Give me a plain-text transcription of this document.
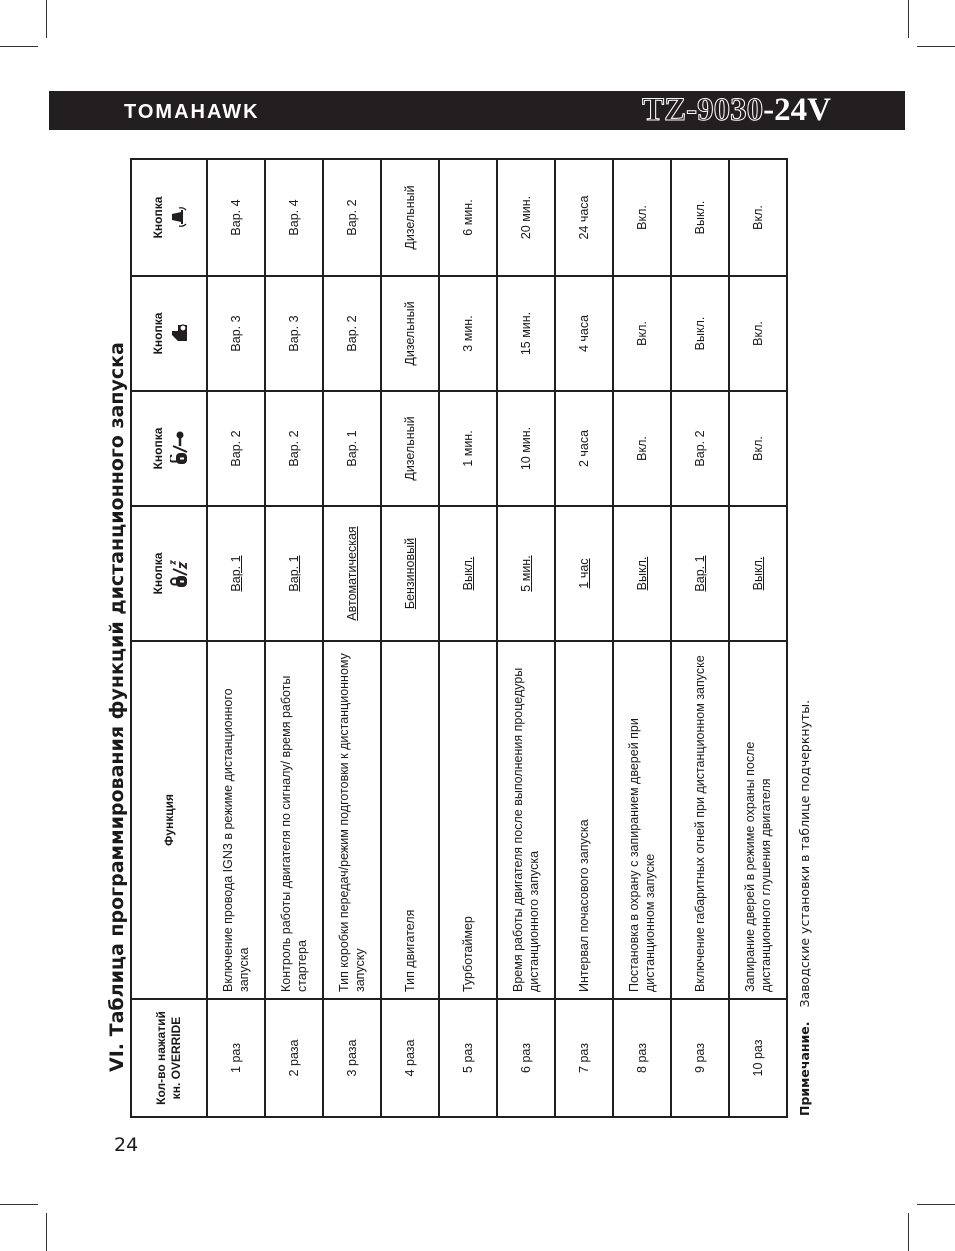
TOMAHAWK	TZ-9030-24V
VI. Таблица программирования функций дистанционного запуска Кол-во нажатий кн. OVERRIDE	Функция	Кнопка	Кнопка	Кнопка	Кнопка

1 раз	Включение провода IGN3 в режиме дистанционного запуска	Вар. 1	Вар. 2	Вар. 3	Вар. 4
2 раза	Контроль работы двигателя по сигналу/ время работы стартера	Вар. 1	Вар. 2	Вар. 3	Вар. 4
3 раза	Тип коробки передач/режим подготовки к дистанционному запуску	Автоматическая	Вар. 1	Вар. 2	Вар. 2
4 раза	Тип двигателя	Бензиновый	Дизельный	Дизельный	Дизельный
5 раз	Турботаймер	Выкл.	1 мин.	3 мин.	6 мин.
6 раз	Время работы двигателя после выполнения процедуры дистанционного запуска	5 мин.	10 мин.	15 мин.	20 мин.
7 раз	Интервал почасового запуска	1 час	2 часа	4 часа	24 часа
8 раз	Постановка в охрану с запиранием дверей при дистанционном запуске	Выкл.	Вкл.	Вкл.	Вкл.
9 раз	Включение габаритных огней при дистанционном запуске	Вар. 1	Вар. 2	Выкл.	Выкл.
10 раз	Запирание дверей в режиме охраны после дистанционного глушения двигателя	Выкл.	Вкл.	Вкл.	Вкл.
Примечание.Заводские установки в таблице подчеркнуты.
24
